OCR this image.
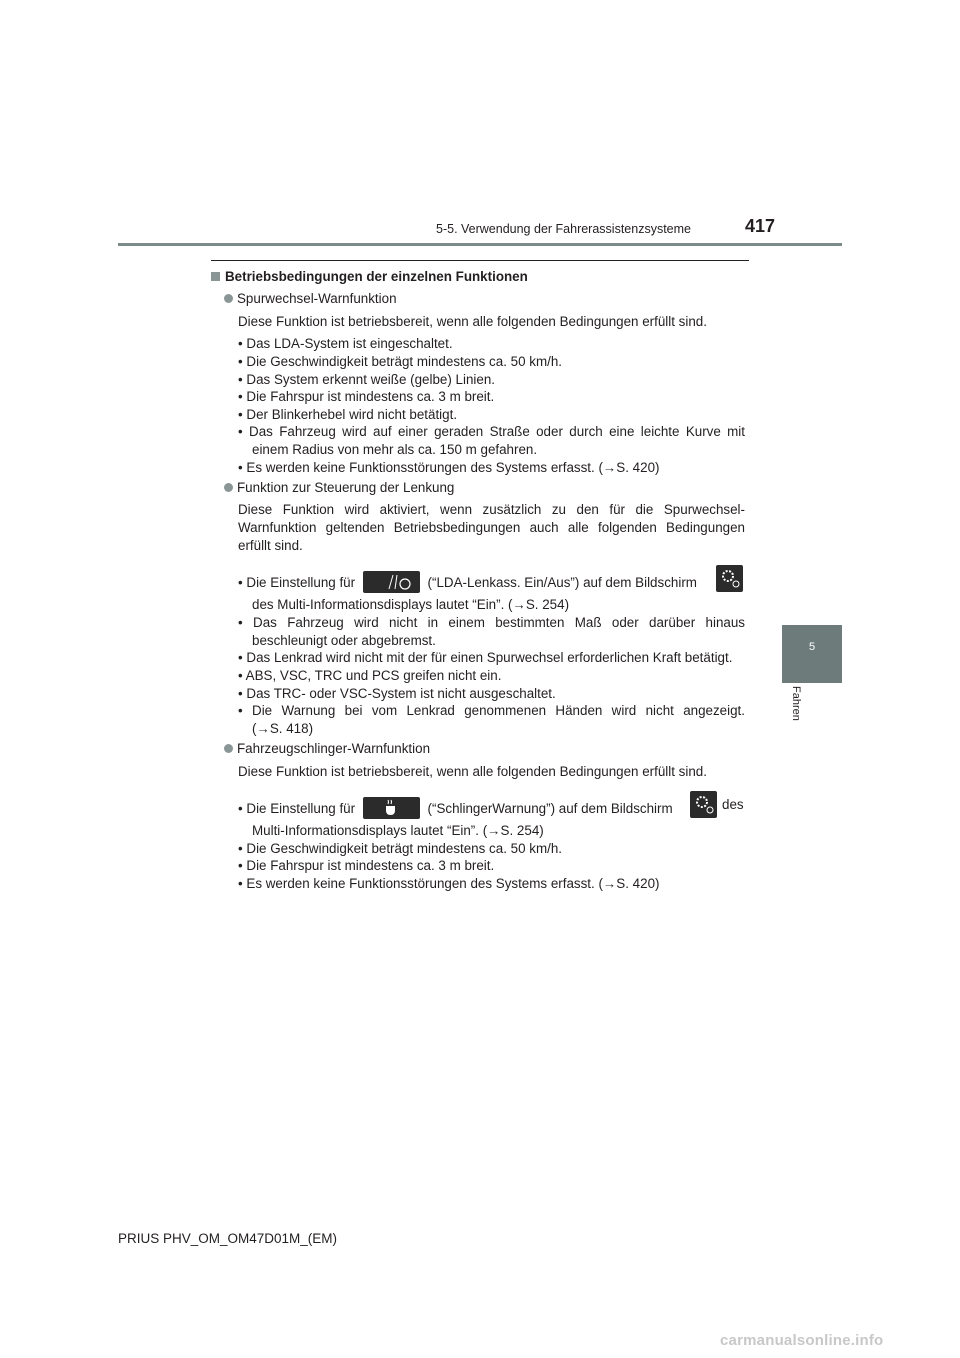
5-5. Verwendung der Fahrerassistenzsysteme	417
5
Fahren
Betriebsbedingungen der einzelnen Funktionen
Spurwechsel-Warnfunktion
Diese Funktion ist betriebsbereit, wenn alle folgenden Bedingungen erfüllt sind.
• Das LDA-System ist eingeschaltet.
• Die Geschwindigkeit beträgt mindestens ca. 50 km/h.
• Das System erkennt weiße (gelbe) Linien.
• Die Fahrspur ist mindestens ca. 3 m breit.
• Der Blinkerhebel wird nicht betätigt.
• Das Fahrzeug wird auf einer geraden Straße oder durch eine leichte Kurve mit
einem Radius von mehr als ca. 150 m gefahren.
• Es werden keine Funktionsstörungen des Systems erfasst. (→S. 420)
Funktion zur Steuerung der Lenkung
Diese Funktion wird aktiviert, wenn zusätzlich zu den für die Spurwechsel-
Warnfunktion geltenden Betriebsbedingungen auch alle folgenden Bedingungen
erfüllt sind.
• Die Einstellung für	(“LDA-Lenkass. Ein/Aus”) auf dem Bildschirm
des Multi-Informationsdisplays lautet “Ein”. (→S. 254)
• Das Fahrzeug wird nicht in einem bestimmten Maß oder darüber hinaus
beschleunigt oder abgebremst.
• Das Lenkrad wird nicht mit der für einen Spurwechsel erforderlichen Kraft betätigt.
• ABS, VSC, TRC und PCS greifen nicht ein.
• Das TRC- oder VSC-System ist nicht ausgeschaltet.
• Die Warnung bei vom Lenkrad genommenen Händen wird nicht angezeigt.
(→S. 418)
Fahrzeugschlinger-Warnfunktion
Diese Funktion ist betriebsbereit, wenn alle folgenden Bedingungen erfüllt sind.
• Die Einstellung für	(“SchlingerWarnung”) auf dem Bildschirm	des
Multi-Informationsdisplays lautet “Ein”. (→S. 254)
• Die Geschwindigkeit beträgt mindestens ca. 50 km/h.
• Die Fahrspur ist mindestens ca. 3 m breit.
• Es werden keine Funktionsstörungen des Systems erfasst. (→S. 420)
PRIUS PHV_OM_OM47D01M_(EM)
carmanualsonline.info
